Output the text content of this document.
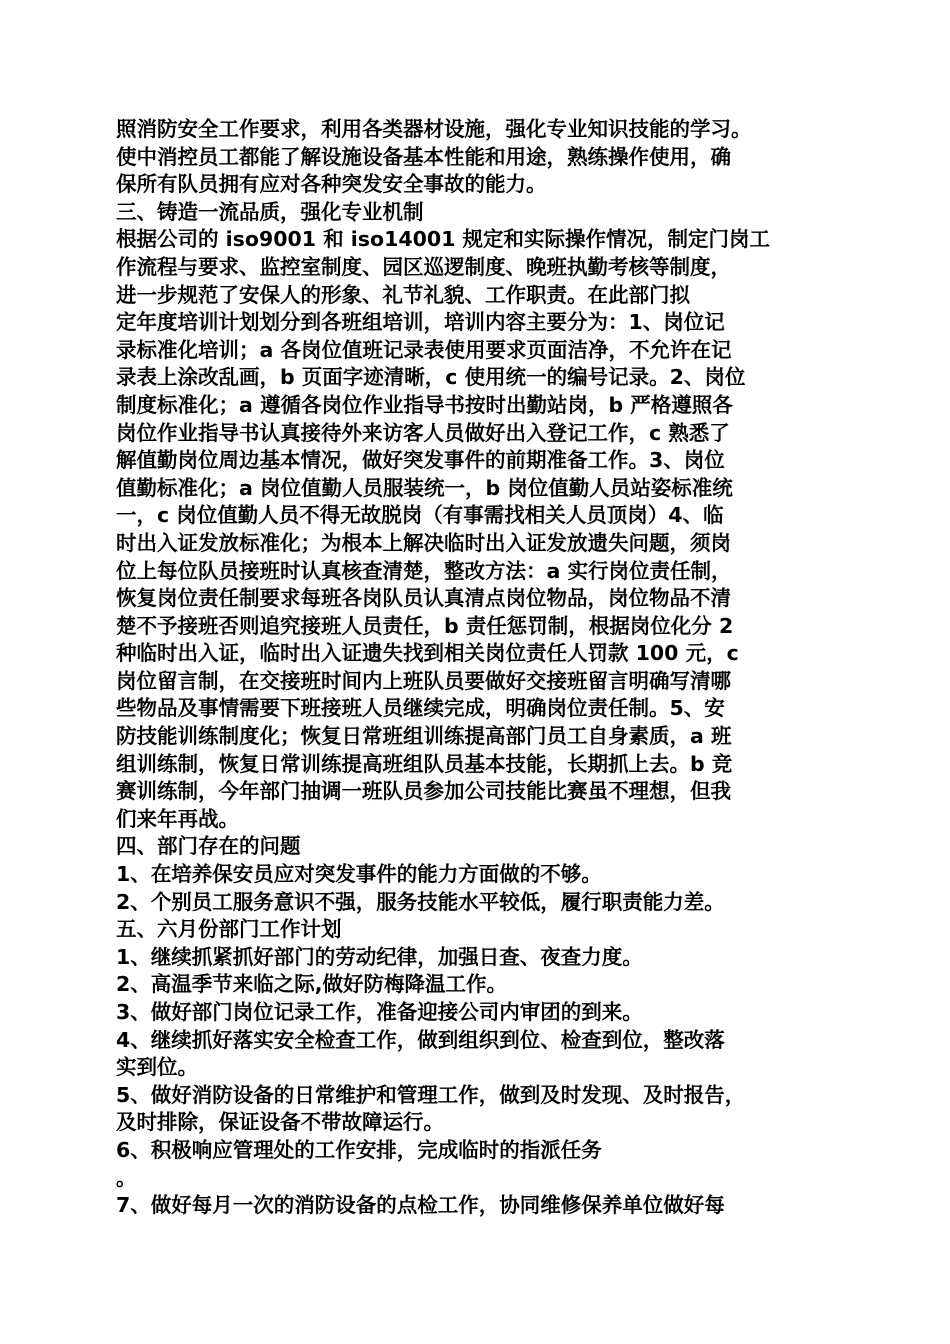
照消防安全工作要求，利用各类器材设施，强化专业知识技能的学习。
使中消控员工都能了解设施设备基本性能和用途，熟练操作使用，确
保所有队员拥有应对各种突发安全事故的能力。
三、铸造一流品质，强化专业机制
根据公司的 iso9001 和 iso14001 规定和实际操作情况，制定门岗工
作流程与要求、监控室制度、园区巡逻制度、晚班执勤考核等制度，
进一步规范了安保人的形象、礼节礼貌、工作职责。在此部门拟
定年度培训计划划分到各班组培训，培训内容主要分为：1、岗位记
录标准化培训；a 各岗位值班记录表使用要求页面洁净，不允许在记
录表上涂改乱画，b 页面字迹清晰，c 使用统一的编号记录。2、岗位
制度标准化；a 遵循各岗位作业指导书按时出勤站岗，b 严格遵照各
岗位作业指导书认真接待外来访客人员做好出入登记工作，c 熟悉了
解值勤岗位周边基本情况，做好突发事件的前期准备工作。3、岗位
值勤标准化；a 岗位值勤人员服装统一，b 岗位值勤人员站姿标准统
一，c 岗位值勤人员不得无故脱岗（有事需找相关人员顶岗）4、临
时出入证发放标准化；为根本上解决临时出入证发放遗失问题，须岗
位上每位队员接班时认真核查清楚，整改方法：a 实行岗位责任制，
恢复岗位责任制要求每班各岗队员认真清点岗位物品，岗位物品不清
楚不予接班否则追究接班人员责任，b 责任惩罚制，根据岗位化分 2
种临时出入证，临时出入证遗失找到相关岗位责任人罚款 100 元，c
岗位留言制，在交接班时间内上班队员要做好交接班留言明确写清哪
些物品及事情需要下班接班人员继续完成，明确岗位责任制。5、安
防技能训练制度化；恢复日常班组训练提高部门员工自身素质，a 班
组训练制，恢复日常训练提高班组队员基本技能，长期抓上去。b 竞
赛训练制，今年部门抽调一班队员参加公司技能比赛虽不理想，但我
们来年再战。
四、部门存在的问题
1、在培养保安员应对突发事件的能力方面做的不够。
2、个别员工服务意识不强，服务技能水平较低，履行职责能力差。
五、六月份部门工作计划
1、继续抓紧抓好部门的劳动纪律，加强日查、夜查力度。
2、高温季节来临之际,做好防梅降温工作。
3、做好部门岗位记录工作，准备迎接公司内审团的到来。
4、继续抓好落实安全检查工作，做到组织到位、检查到位，整改落
实到位。
5、做好消防设备的日常维护和管理工作，做到及时发现、及时报告，
及时排除，保证设备不带故障运行。
6、积极响应管理处的工作安排，完成临时的指派任务
。
7、做好每月一次的消防设备的点检工作，协同维修保养单位做好每
